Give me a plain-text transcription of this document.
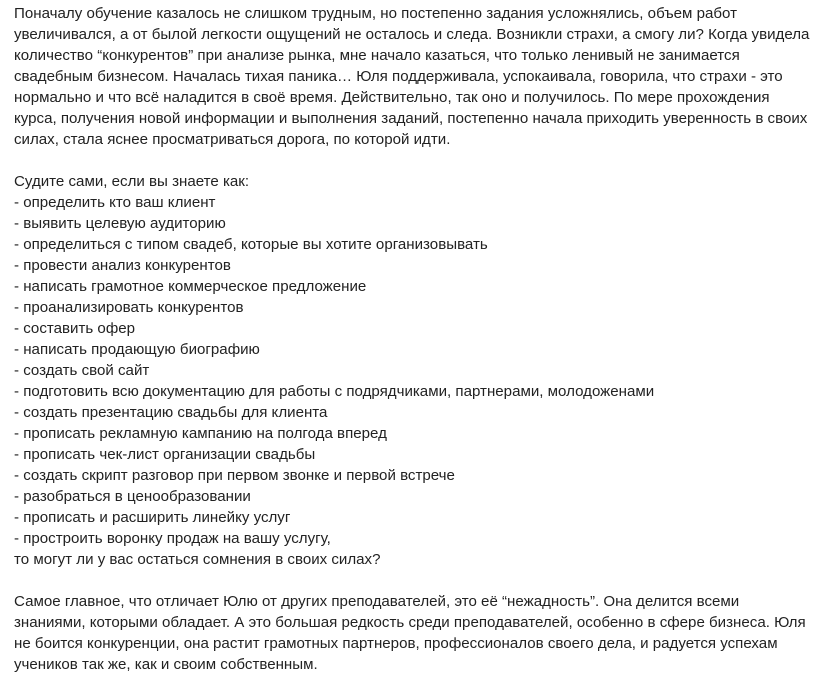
Поначалу обучение казалось не слишком трудным, но постепенно задания усложнялись, объем работ увеличивался, а от былой легкости ощущений не осталось и следа. Возникли страхи, а смогу ли? Когда увидела количество “конкурентов” при анализе рынка, мне начало казаться, что только ленивый не занимается свадебным бизнесом. Началась тихая паника… Юля поддерживала, успокаивала, говорила, что страхи - это нормально и что всё наладится в своё время. Действительно, так оно и получилось. По мере прохождения курса, получения новой информации и выполнения заданий, постепенно начала приходить уверенность в своих силах, стала яснее просматриваться дорога, по которой идти.

Судите сами, если вы знаете как:

- определить кто ваш клиент
- выявить целевую аудиторию
- определиться с типом свадеб, которые вы хотите организовывать
- провести анализ конкурентов
- написать грамотное коммерческое предложение
- проанализировать конкурентов
- составить офер
- написать продающую биографию
- создать свой сайт
- подготовить всю документацию для работы с подрядчиками, партнерами, молодоженами
- создать презентацию свадьбы для клиента
- прописать рекламную кампанию на полгода вперед
- прописать чек-лист организации свадьбы
- создать скрипт разговор при первом звонке и первой встрече
- разобраться в ценообразовании
- прописать и расширить линейку услуг
- простроить воронку продаж на вашу услугу,

то могут ли у вас остаться сомнения в своих силах?

Самое главное, что отличает Юлю от других преподавателей, это её “нежадность”. Она делится всеми знаниями, которыми обладает. А это большая редкость среди преподавателей, особенно в сфере бизнеса. Юля не боится конкуренции, она растит грамотных партнеров, профессионалов своего дела, и радуется успехам учеников так же, как и своим собственным.
